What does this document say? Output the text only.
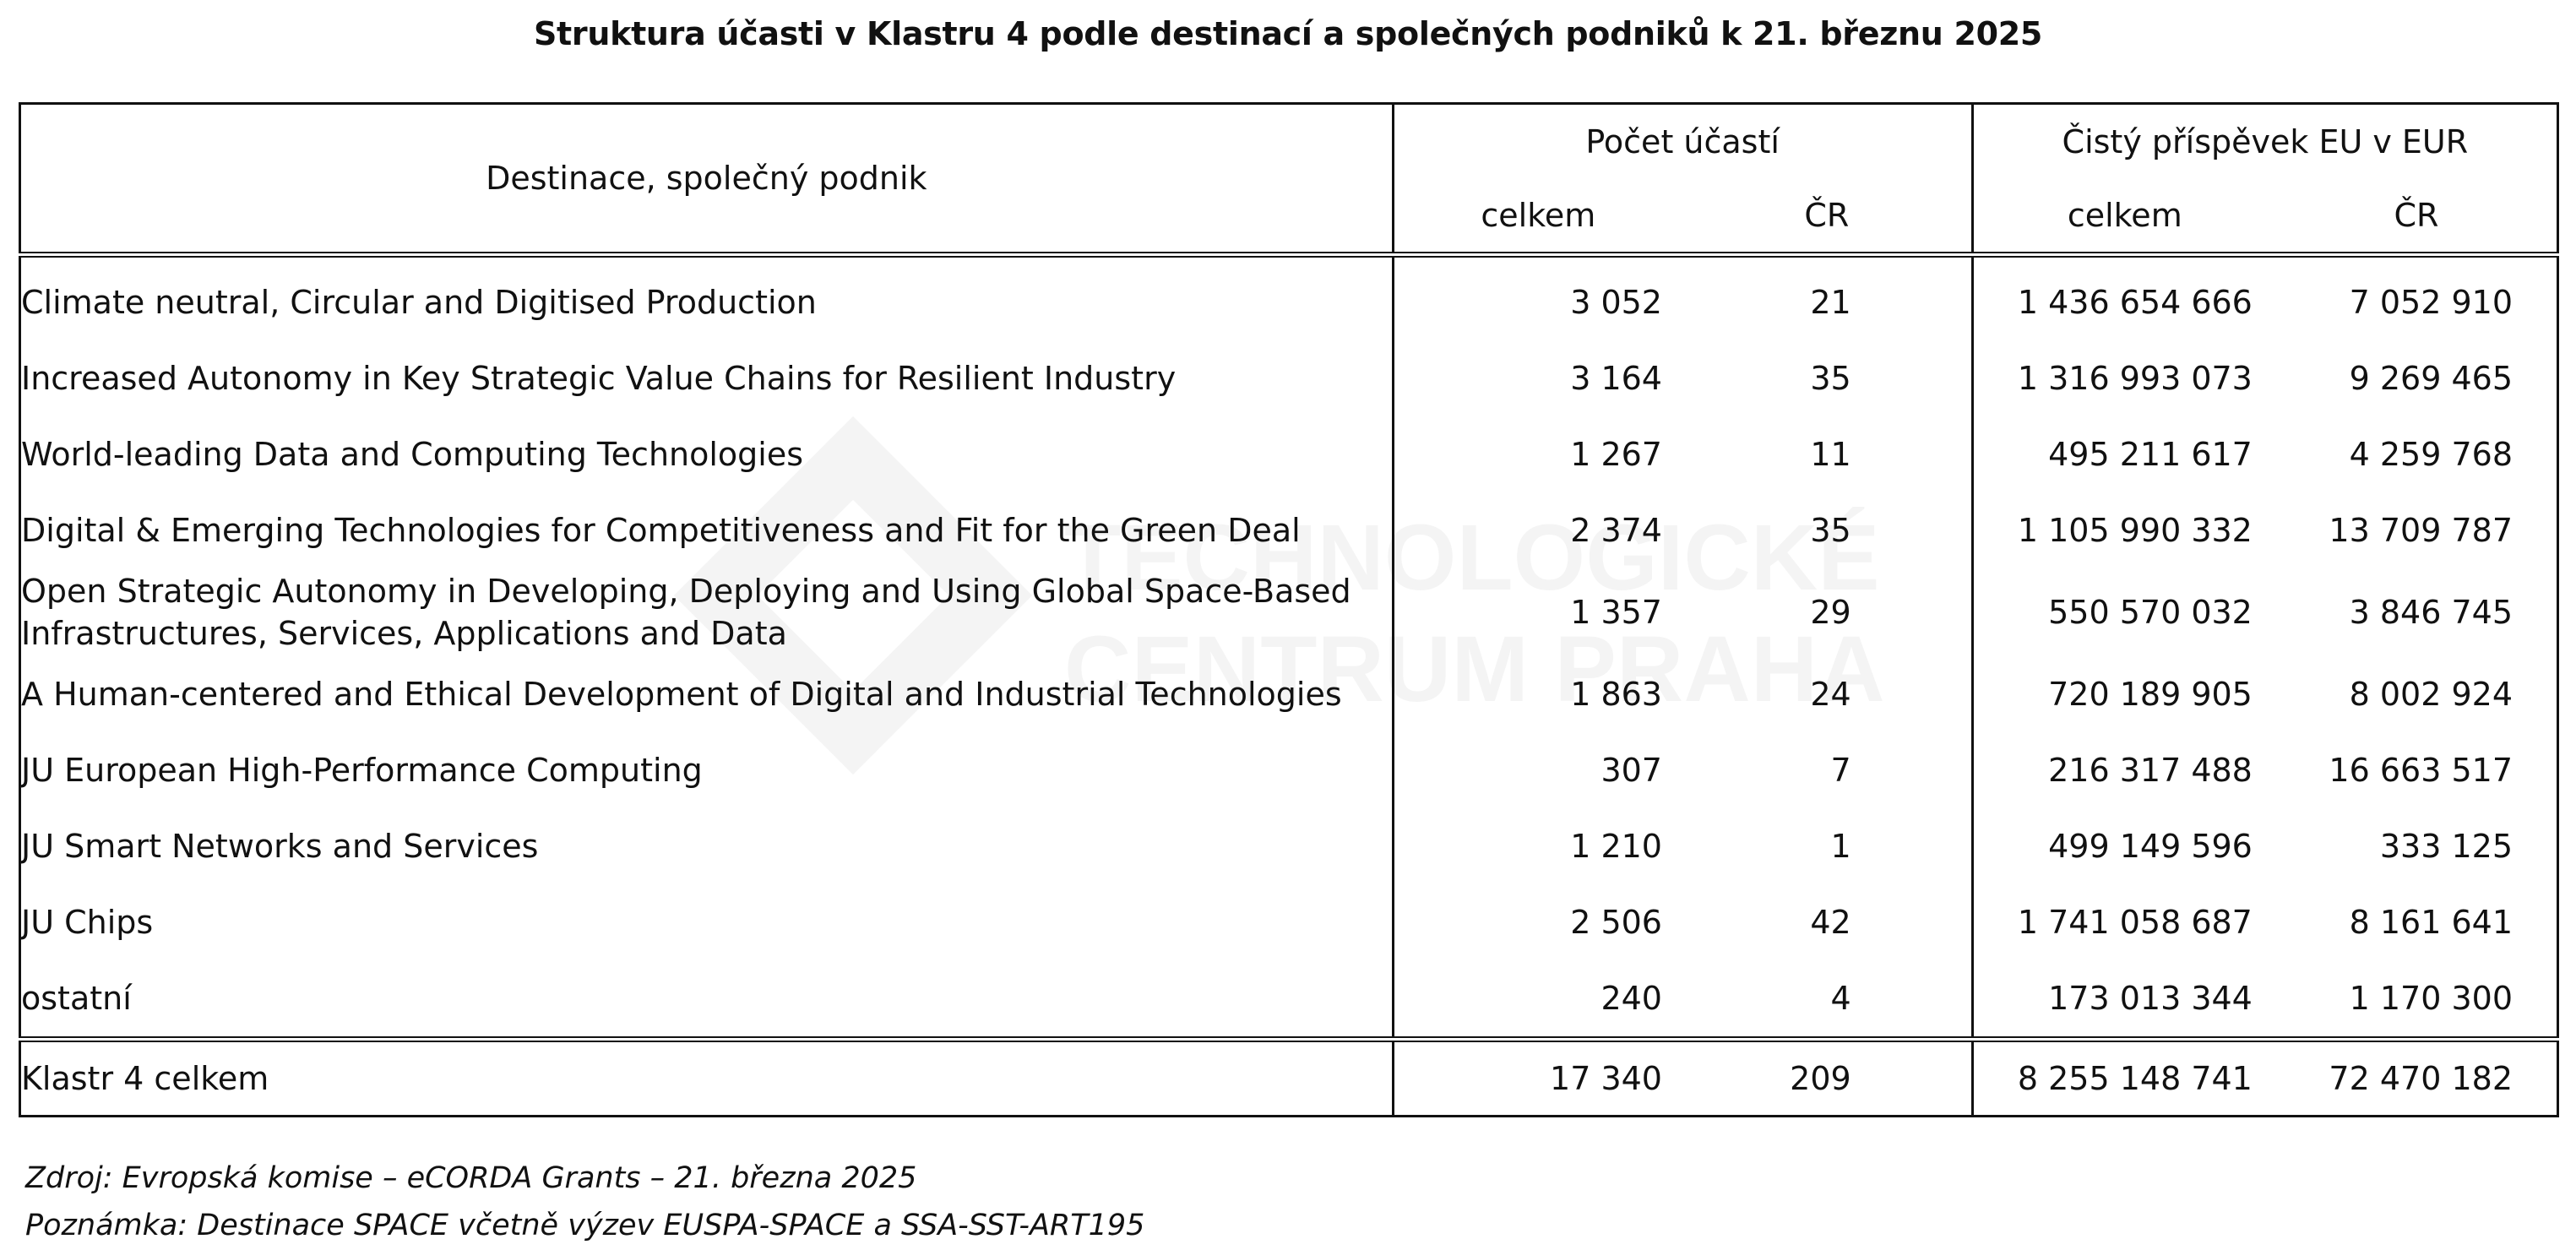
Struktura účasti v Klastru 4 podle destinací a společných podniků k 21. březnu 2025
Destinace, společný podnik	Počet účastí		Čistý příspěvek EU v EUR	
	celkem	ČR	celkem	ČR
Climate neutral, Circular and Digitised Production	3 052	21	1 436 654 666	7 052 910
Increased Autonomy in Key Strategic Value Chains for Resilient Industry	3 164	35	1 316 993 073	9 269 465
World-leading Data and Computing Technologies	1 267	11	495 211 617	4 259 768
Digital & Emerging Technologies for Competitiveness and Fit for the Green Deal	2 374	35	1 105 990 332	13 709 787

Open Strategic Autonomy in Developing, Deploying and Using Global Space-Based
Infrastructures, Services, Applications and Data	1 357	29	550 570 032	3 846 745
A Human-centered and Ethical Development of Digital and Industrial Technologies	1 863	24	720 189 905	8 002 924
JU European High-Performance Computing	307	7	216 317 488	16 663 517
JU Smart Networks and Services	1 210	1	499 149 596	333 125
JU Chips	2 506	42	1 741 058 687	8 161 641
ostatní	240	4	173 013 344	1 170 300
Klastr 4 celkem	17 340	209	8 255 148 741	72 470 182
Zdroj: Evropská komise – eCORDA Grants – 21. března 2025
Poznámka: Destinace SPACE včetně výzev EUSPA-SPACE a SSA-SST-ART195
